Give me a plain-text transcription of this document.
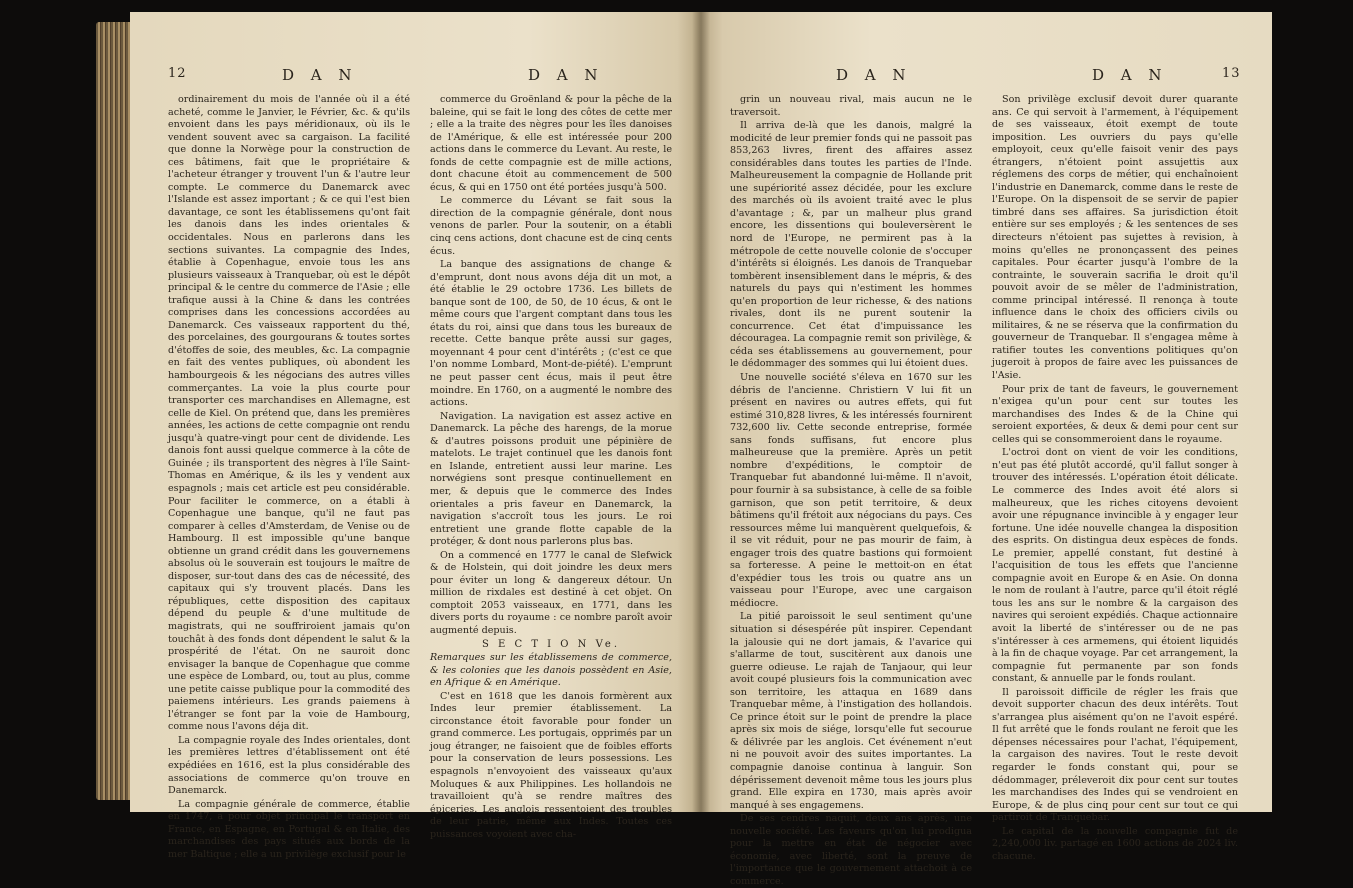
12	D A N	D A N

ordinairement du mois de l'année où il a été acheté, comme le Janvier, le Février, &c. & qu'ils envoient dans les pays méridionaux, où ils le vendent souvent avec sa cargaison. La facilité que donne la Norwège pour la construction de ces bâtimens, fait que le propriétaire & l'acheteur étranger y trouvent l'un & l'autre leur compte. Le commerce du Danemarck avec l'Islande est assez important ; & ce qui l'est bien davantage, ce sont les établissemens qu'ont fait les danois dans les indes orientales & occidentales. Nous en parlerons dans les sections suivantes. La compagnie des Indes, établie à Copenhague, envoie tous les ans plusieurs vaisseaux à Tranquebar, où est le dépôt principal & le centre du commerce de l'Asie ; elle trafique aussi à la Chine & dans les contrées comprises dans les concessions accordées au Danemarck. Ces vaisseaux rapportent du thé, des porcelaines, des gourgourans & toutes sortes d'étoffes de soie, des meubles, &c. La compagnie en fait des ventes publiques, où abondent les hambourgeois & les négocians des autres villes commerçantes. La voie la plus courte pour transporter ces marchandises en Allemagne, est celle de Kiel. On prétend que, dans les premières années, les actions de cette compagnie ont rendu jusqu'à quatre-vingt pour cent de dividende. Les danois font aussi quelque commerce à la côte de Guinée ; ils transportent des nègres à l'île Saint-Thomas en Amérique, & ils les y vendent aux espagnols ; mais cet article est peu considérable. Pour faciliter le commerce, on a établi à Copenhague une banque, qu'il ne faut pas comparer à celles d'Amsterdam, de Venise ou de Hambourg. Il est impossible qu'une banque obtienne un grand crédit dans les gouvernemens absolus où le souverain est toujours le maître de disposer, sur-tout dans des cas de nécessité, des capitaux qui s'y trouvent placés. Dans les républiques, cette disposition des capitaux dépend du peuple & d'une multitude de magistrats, qui ne souffriroient jamais qu'on touchât à des fonds dont dépendent le salut & la prospérité de l'état. On ne sauroit donc envisager la banque de Copenhague que comme une espèce de Lombard, ou, tout au plus, comme une petite caisse publique pour la commodité des paiemens intérieurs. Les grands paiemens à l'étranger se font par la voie de Hambourg, comme nous l'avons déja dit.

La compagnie royale des Indes orientales, dont les premières lettres d'établissement ont été expédiées en 1616, est la plus considérable des associations de commerce qu'on trouve en Danemarck.

La compagnie générale de commerce, établie en 1747, a pour objet principal le transport en France, en Espagne, en Portugal & en Italie, des marchandises des pays situés aux bords de la mer Baltique ; elle a un privilège exclusif pour le

commerce du Groënland & pour la pêche de la baleine, qui se fait le long des côtes de cette mer ; elle a la traite des nègres pour les îles danoises de l'Amérique, & elle est intéressée pour 200 actions dans le commerce du Levant. Au reste, le fonds de cette compagnie est de mille actions, dont chacune étoit au commencement de 500 écus, & qui en 1750 ont été portées jusqu'à 500.

Le commerce du Lévant se fait sous la direction de la compagnie générale, dont nous venons de parler. Pour la soutenir, on a établi cinq cens actions, dont chacune est de cinq cents écus.

La banque des assignations de change & d'emprunt, dont nous avons déja dit un mot, a été établie le 29 octobre 1736. Les billets de banque sont de 100, de 50, de 10 écus, & ont le même cours que l'argent comptant dans tous les états du roi, ainsi que dans tous les bureaux de recette. Cette banque prête aussi sur gages, moyennant 4 pour cent d'intérêts ; (c'est ce que l'on nomme Lombard, Mont-de-piété). L'emprunt ne peut passer cent écus, mais il peut être moindre. En 1760, on a augmenté le nombre des actions.

Navigation. La navigation est assez active en Danemarck. La pêche des harengs, de la morue & d'autres poissons produit une pépinière de matelots. Le trajet continuel que les danois font en Islande, entretient aussi leur marine. Les norwégiens sont presque continuellement en mer, & depuis que le commerce des Indes orientales a pris faveur en Danemarck, la navigation s'accroît tous les jours. Le roi entretient une grande flotte capable de la protéger, & dont nous parlerons plus bas.

On a commencé en 1777 le canal de Slefwick & de Holstein, qui doit joindre les deux mers pour éviter un long & dangereux détour. Un million de rixdales est destiné à cet objet. On comptoit 2053 vaisseaux, en 1771, dans les divers ports du royaume : ce nombre paroît avoir augmenté depuis.

S E C T I O N Ve.

Remarques sur les établissemens de commerce, & les colonies que les danois possèdent en Asie, en Afrique & en Amérique.

C'est en 1618 que les danois formèrent aux Indes leur premier établissement. La circonstance étoit favorable pour fonder un grand commerce. Les portugais, opprimés par un joug étranger, ne faisoient que de foibles efforts pour la conservation de leurs possessions. Les espagnols n'envoyoient des vaisseaux qu'aux Moluques & aux Philippines. Les hollandois ne travailloient qu'à se rendre maîtres des épiceries. Les anglois ressentoient des troubles de leur patrie, même aux Indes. Toutes ces puissances voyoient avec cha-

D A N	D A N	13

grin un nouveau rival, mais aucun ne le traversoit.

Il arriva de-là que les danois, malgré la modicité de leur premier fonds qui ne passoit pas 853,263 livres, firent des affaires assez considérables dans toutes les parties de l'Inde. Malheureusement la compagnie de Hollande prit une supériorité assez décidée, pour les exclure des marchés où ils avoient traité avec le plus d'avantage ; &, par un malheur plus grand encore, les dissentions qui bouleversèrent le nord de l'Europe, ne permirent pas à la métropole de cette nouvelle colonie de s'occuper d'intérêts si éloignés. Les danois de Tranquebar tombèrent insensiblement dans le mépris, & des naturels du pays qui n'estiment les hommes qu'en proportion de leur richesse, & des nations rivales, dont ils ne purent soutenir la concurrence. Cet état d'impuissance les découragea. La compagnie remit son privilège, & céda ses établissemens au gouvernement, pour le dédommager des sommes qui lui étoient dues.

Une nouvelle société s'éleva en 1670 sur les débris de l'ancienne. Christiern V lui fit un présent en navires ou autres effets, qui fut estimé 310,828 livres, & les intéressés fournirent 732,600 liv. Cette seconde entreprise, formée sans fonds suffisans, fut encore plus malheureuse que la première. Après un petit nombre d'expéditions, le comptoir de Tranquebar fut abandonné lui-même. Il n'avoit, pour fournir à sa subsistance, à celle de sa foible garnison, que son petit territoire, & deux bâtimens qu'il frétoit aux négocians du pays. Ces ressources même lui manquèrent quelquefois, & il se vit réduit, pour ne pas mourir de faim, à engager trois des quatre bastions qui formoient sa forteresse. A peine le mettoit-on en état d'expédier tous les trois ou quatre ans un vaisseau pour l'Europe, avec une cargaison médiocre.

La pitié paroissoit le seul sentiment qu'une situation si désespérée pût inspirer. Cependant la jalousie qui ne dort jamais, & l'avarice qui s'allarme de tout, suscitèrent aux danois une guerre odieuse. Le rajah de Tanjaour, qui leur avoit coupé plusieurs fois la communication avec son territoire, les attaqua en 1689 dans Tranquebar même, à l'instigation des hollandois. Ce prince étoit sur le point de prendre la place après six mois de siége, lorsqu'elle fut secourue & délivrée par les anglois. Cet événement n'eut ni ne pouvoit avoir des suites importantes. La compagnie danoise continua à languir. Son dépérissement devenoit même tous les jours plus grand. Elle expira en 1730, mais après avoir manqué à ses engagemens.

De ses cendres naquit, deux ans après, une nouvelle société. Les faveurs qu'on lui prodigua pour la mettre en état de négocier avec économie, avec liberté, sont la preuve de l'importance que le gouvernement attachoit à ce commerce.

Son privilège exclusif devoit durer quarante ans. Ce qui servoit à l'armement, à l'équipement de ses vaisseaux, étoit exempt de toute imposition. Les ouvriers du pays qu'elle employoit, ceux qu'elle faisoit venir des pays étrangers, n'étoient point assujettis aux réglemens des corps de métier, qui enchaînoient l'industrie en Danemarck, comme dans le reste de l'Europe. On la dispensoit de se servir de papier timbré dans ses affaires. Sa jurisdiction étoit entière sur ses employés ; & les sentences de ses directeurs n'étoient pas sujettes à revision, à moins qu'elles ne prononçassent des peines capitales. Pour écarter jusqu'à l'ombre de la contrainte, le souverain sacrifia le droit qu'il pouvoit avoir de se mêler de l'administration, comme principal intéressé. Il renonça à toute influence dans le choix des officiers civils ou militaires, & ne se réserva que la confirmation du gouverneur de Tranquebar. Il s'engagea même à ratifier toutes les conventions politiques qu'on jugeroit à propos de faire avec les puissances de l'Asie.

Pour prix de tant de faveurs, le gouvernement n'exigea qu'un pour cent sur toutes les marchandises des Indes & de la Chine qui seroient exportées, & deux & demi pour cent sur celles qui se consommeroient dans le royaume.

L'octroi dont on vient de voir les conditions, n'eut pas été plutôt accordé, qu'il fallut songer à trouver des intéressés. L'opération étoit délicate. Le commerce des Indes avoit été alors si malheureux, que les riches citoyens devoient avoir une répugnance invincible à y engager leur fortune. Une idée nouvelle changea la disposition des esprits. On distingua deux espèces de fonds. Le premier, appellé constant, fut destiné à l'acquisition de tous les effets que l'ancienne compagnie avoit en Europe & en Asie. On donna le nom de roulant à l'autre, parce qu'il étoit réglé tous les ans sur le nombre & la cargaison des navires qui seroient expédiés. Chaque actionnaire avoit la liberté de s'intéresser ou de ne pas s'intéresser à ces armemens, qui étoient liquidés à la fin de chaque voyage. Par cet arrangement, la compagnie fut permanente par son fonds constant, & annuelle par le fonds roulant.

Il paroissoit difficile de régler les frais que devoit supporter chacun des deux intérêts. Tout s'arrangea plus aisément qu'on ne l'avoit espéré. Il fut arrêté que le fonds roulant ne feroit que les dépenses nécessaires pour l'achat, l'équipement, la cargaison des navires. Tout le reste devoit regarder le fonds constant qui, pour se dédommager, préleveroit dix pour cent sur toutes les marchandises des Indes qui se vendroient en Europe, & de plus cinq pour cent sur tout ce qui partiroit de Tranquebar.

Le capital de la nouvelle compagnie fut de 2,240,000 liv. partagé en 1600 actions de 2024 liv. chacune.
